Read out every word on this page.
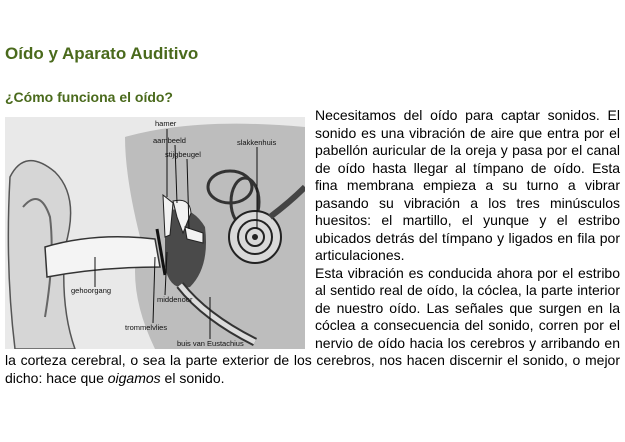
Oído y Aparato Auditivo
¿Cómo funciona el oído?
hamer
aambeeld
stijgbeugel
slakkenhuis
gehoorgang
middenoor
trommelvlies
buis van Eustachius

Necesitamos del oído para captar sonidos. El sonido es una vibración de aire que entra por el pabellón auricular de la oreja y pasa por el canal de oído hasta llegar al tímpano de oído. Esta fina membrana empieza a su turno a vibrar pasando su vibración a los tres minúsculos huesitos: el martillo, el yunque y el estribo ubicados detrás del tímpano y ligados en fila por articulaciones.
Esta vibración es conducida ahora por el estribo al sentido real de oído, la cóclea, la parte interior de nuestro oído. Las señales que surgen en la cóclea a consecuencia del sonido, corren por el nervio de oído hacia los cerebros y arribando en la corteza cerebral, o sea la parte exterior de los cerebros, nos hacen discernir el sonido, o mejor dicho: hace que oigamos el sonido.
